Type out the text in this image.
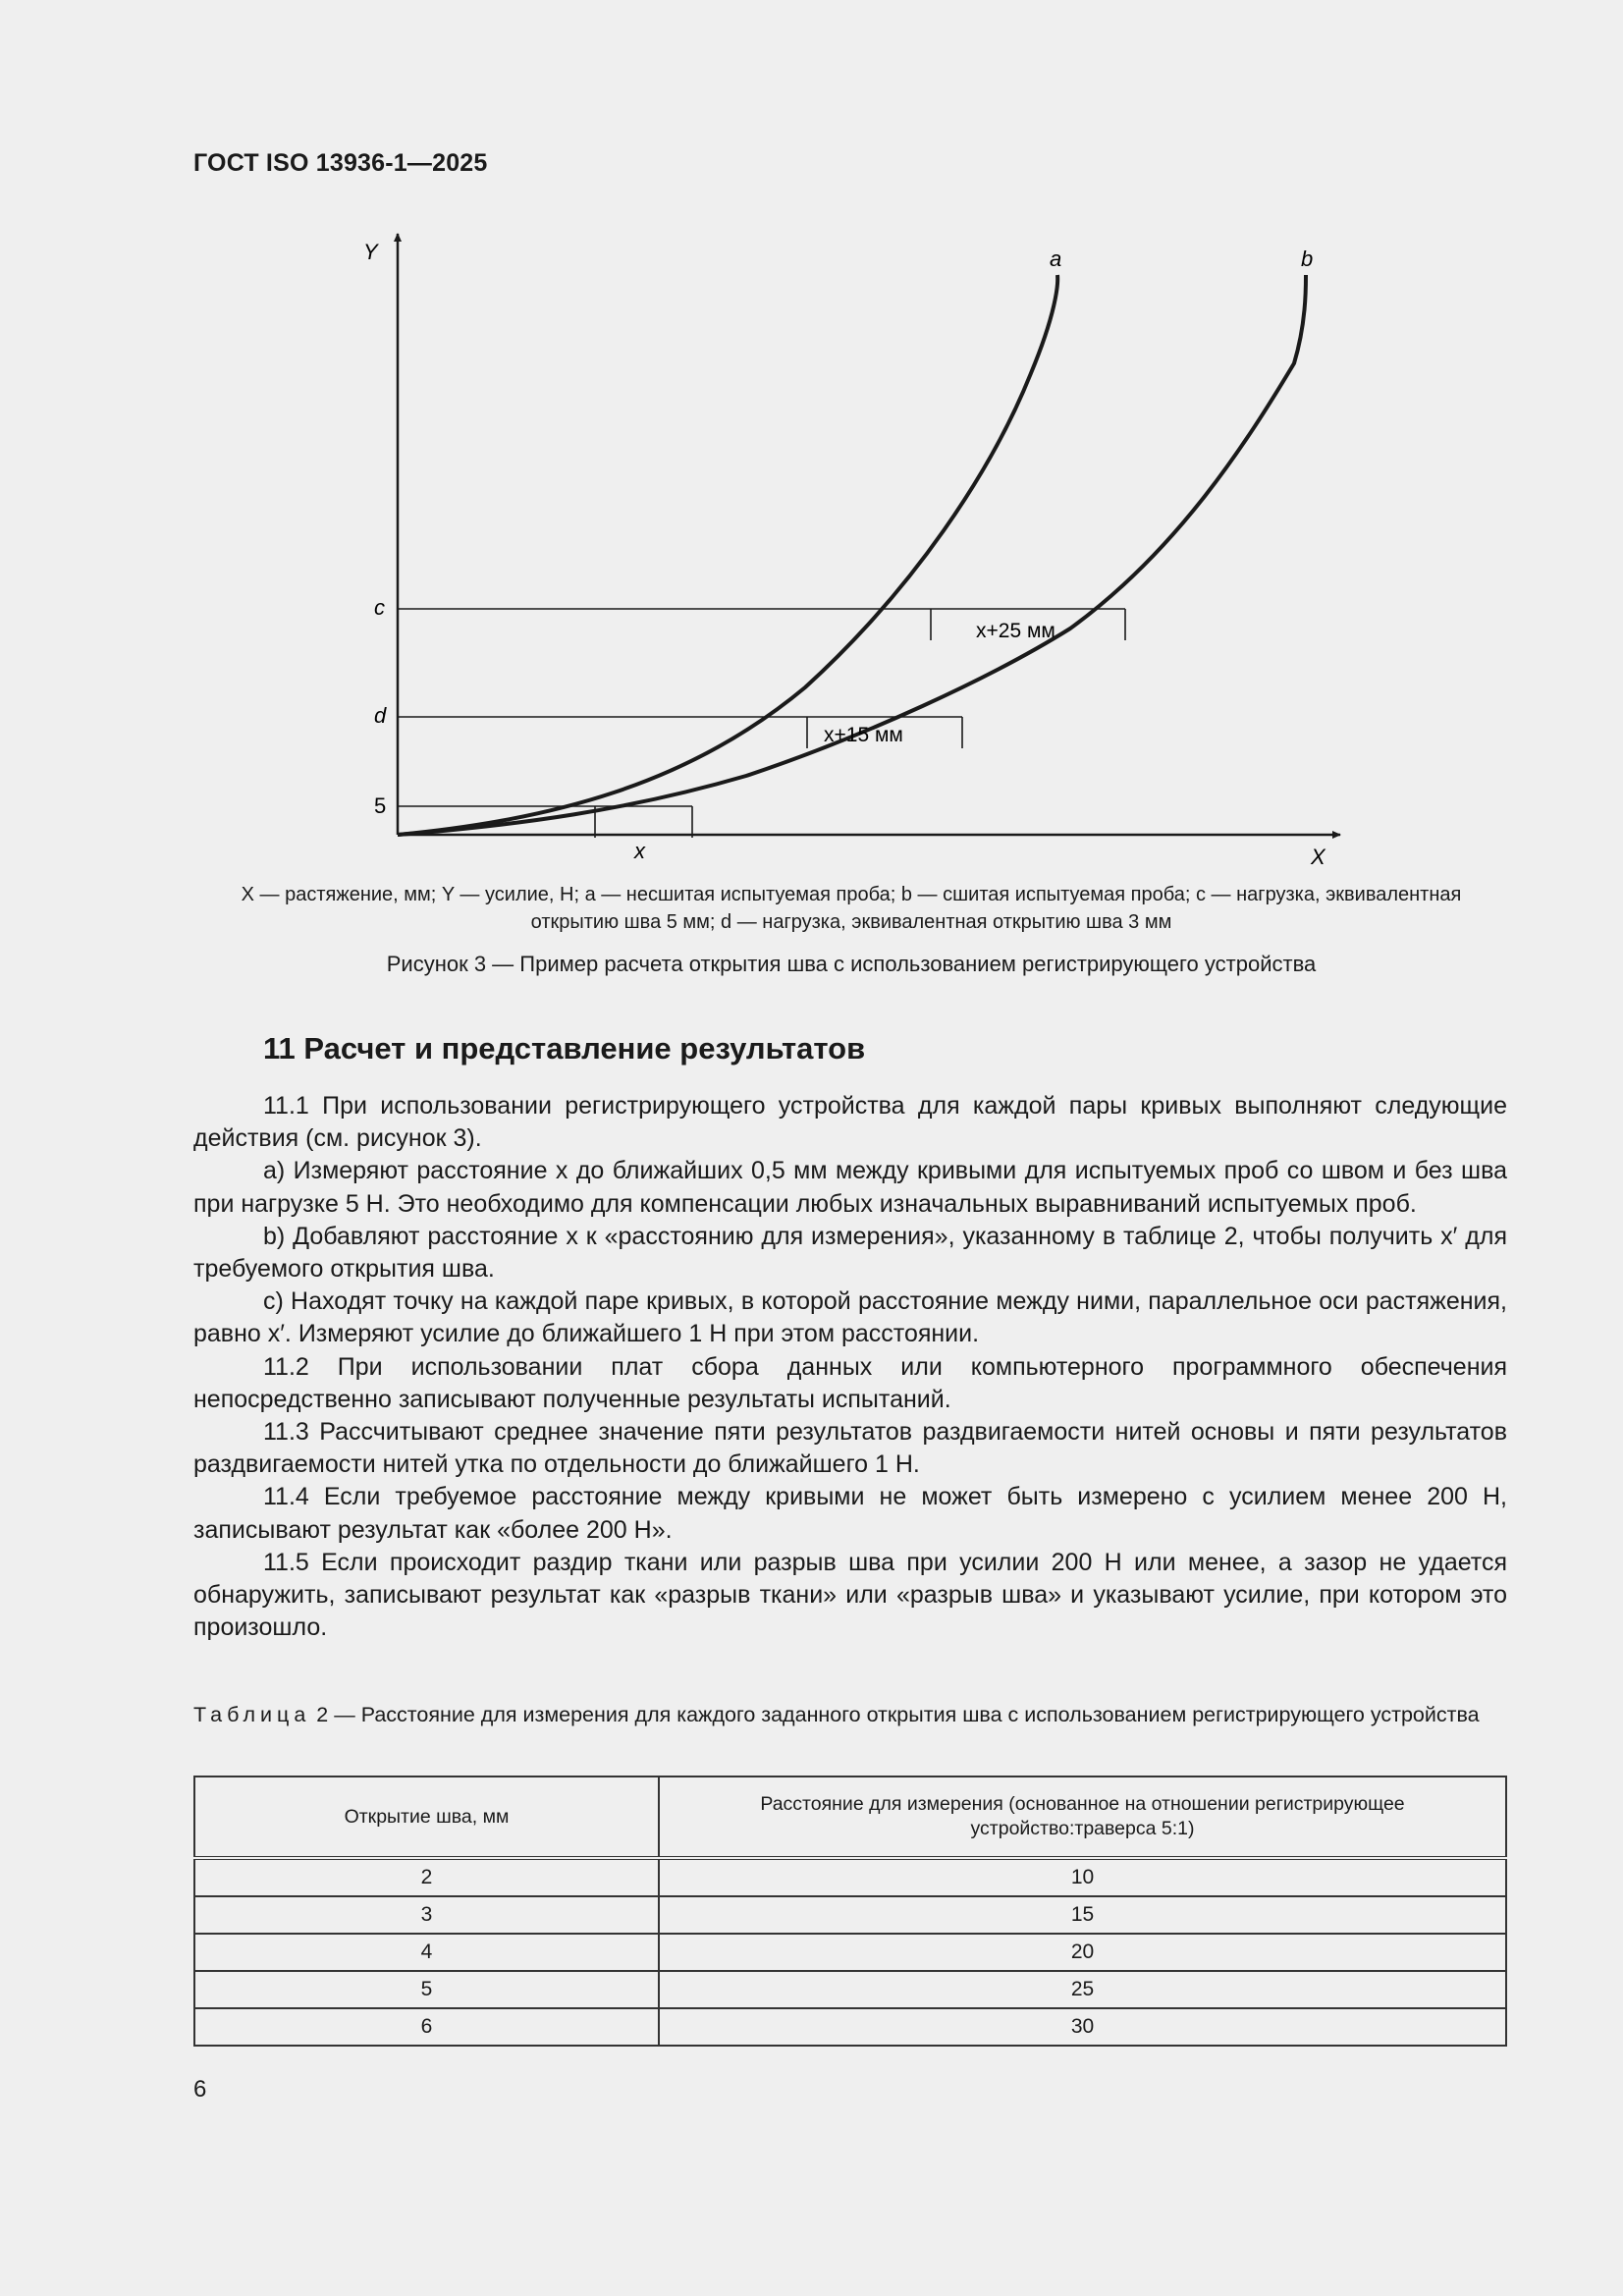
ГОСТ ISO 13936-1—2025
Y
X
a	b
c
d
5
x
x+25 мм
x+15 мм
X — растяжение, мм; Y — усилие, Н; a — несшитая испытуемая проба; b — сшитая испытуемая проба; c — нагрузка, эквивалентная
открытию шва 5 мм; d — нагрузка, эквивалентная открытию шва 3 мм
Рисунок 3 — Пример расчета открытия шва с использованием регистрирующего устройства
11 Расчет и представление результатов

11.1 При использовании регистрирующего устройства для каждой пары кривых выполняют следующие действия (см. рисунок 3).

a) Измеряют расстояние x до ближайших 0,5 мм между кривыми для испытуемых проб со швом и без шва при нагрузке 5 Н. Это необходимо для компенсации любых изначальных выравниваний испытуемых проб.

b) Добавляют расстояние x к «расстоянию для измерения», указанному в таблице 2, чтобы получить x′ для требуемого открытия шва.

c) Находят точку на каждой паре кривых, в которой расстояние между ними, параллельное оси растяжения, равно x′. Измеряют усилие до ближайшего 1 Н при этом расстоянии.

11.2 При использовании плат сбора данных или компьютерного программного обеспечения непосредственно записывают полученные результаты испытаний.

11.3 Рассчитывают среднее значение пяти результатов раздвигаемости нитей основы и пяти результатов раздвигаемости нитей утка по отдельности до ближайшего 1 Н.

11.4 Если требуемое расстояние между кривыми не может быть измерено с усилием менее 200 Н, записывают результат как «более 200 Н».

11.5 Если происходит раздир ткани или разрыв шва при усилии 200 Н или менее, а зазор не удается обнаружить, записывают результат как «разрыв ткани» или «разрыв шва» и указывают усилие, при котором это произошло.

Таблица 2 — Расстояние для измерения для каждого заданного открытия шва с использованием регистрирующего устройства
Открытие шва, мм	Расстояние для измерения (основанное на отношении регистрирующее устройство:траверса 5:1)
2	10
3	15
4	20
5	25
6	30
6
